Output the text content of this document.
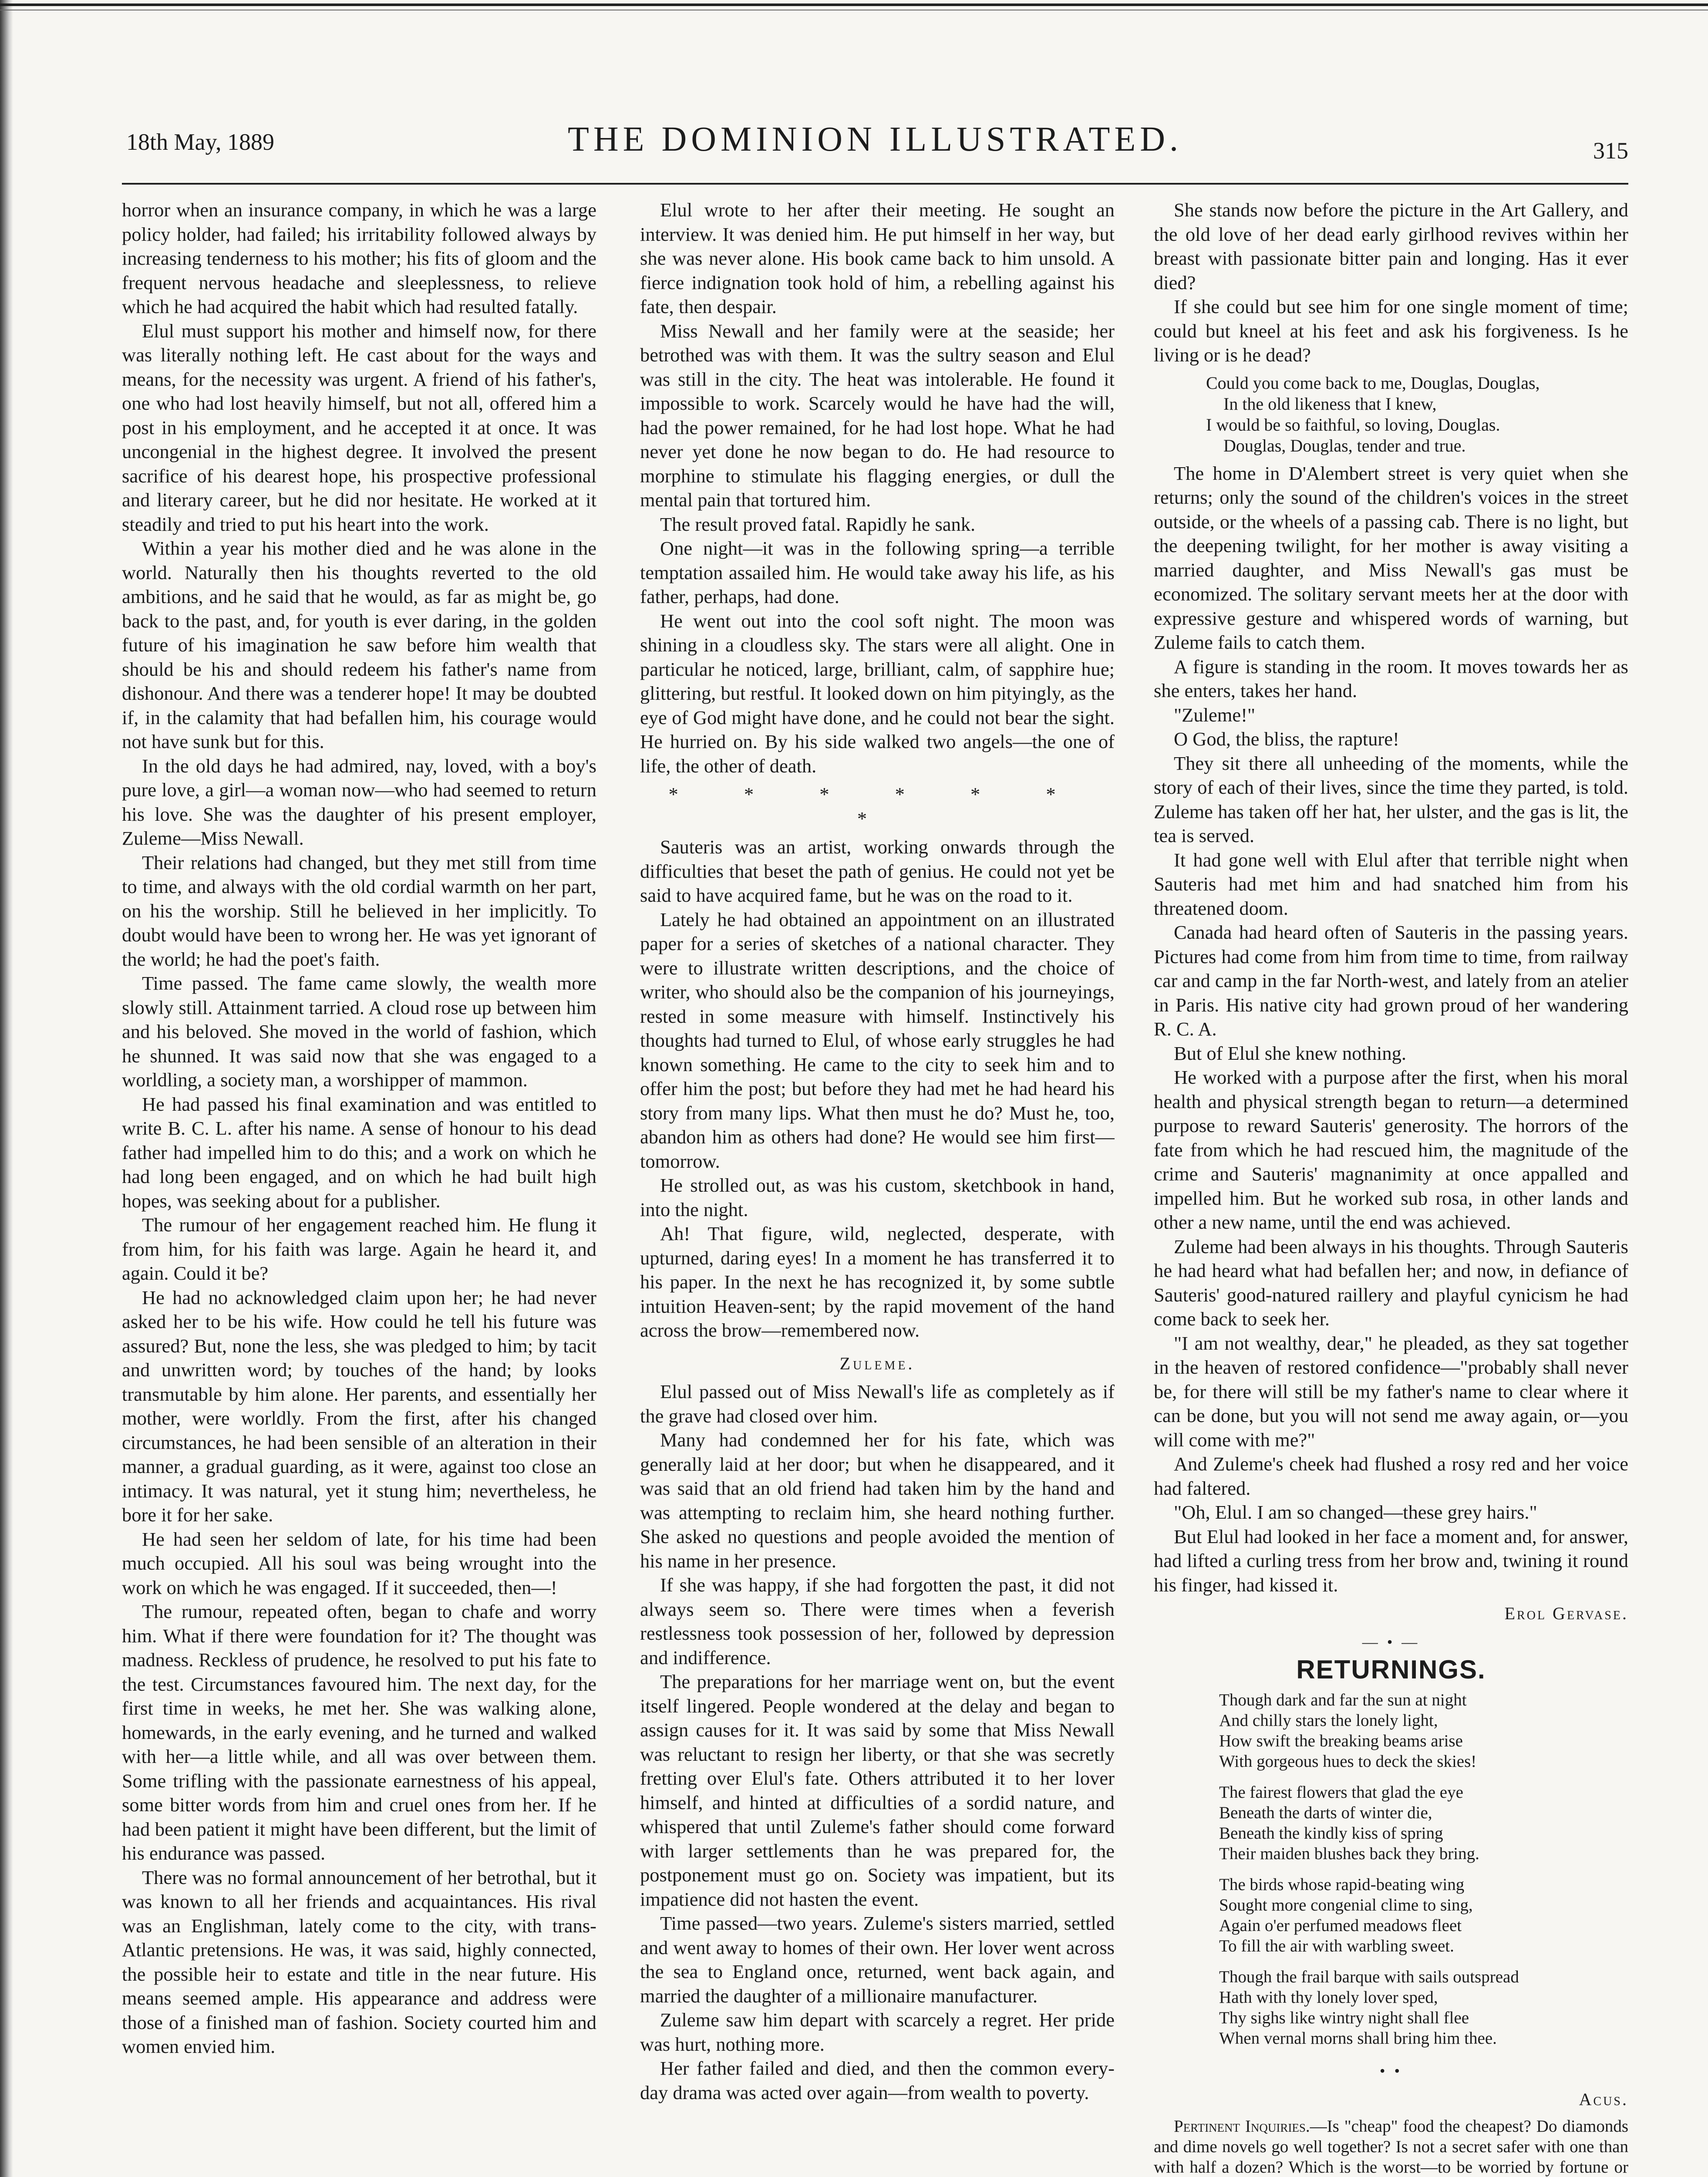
18th May, 1889	THE DOMINION ILLUSTRATED.	315

horror when an insurance company, in which he was a large policy holder, had failed; his irritability followed always by increasing tenderness to his mother; his fits of gloom and the frequent nervous headache and sleeplessness, to relieve which he had acquired the habit which had resulted fatally.

Elul must support his mother and himself now, for there was literally nothing left. He cast about for the ways and means, for the necessity was urgent. A friend of his father's, one who had lost heavily himself, but not all, offered him a post in his employment, and he accepted it at once. It was uncongenial in the highest degree. It involved the present sacrifice of his dearest hope, his prospective professional and literary career, but he did nor hesitate. He worked at it steadily and tried to put his heart into the work.

Within a year his mother died and he was alone in the world. Naturally then his thoughts reverted to the old ambitions, and he said that he would, as far as might be, go back to the past, and, for youth is ever daring, in the golden future of his imagination he saw before him wealth that should be his and should redeem his father's name from dishonour. And there was a tenderer hope! It may be doubted if, in the calamity that had befallen him, his courage would not have sunk but for this.

In the old days he had admired, nay, loved, with a boy's pure love, a girl—a woman now—who had seemed to return his love. She was the daughter of his present employer, Zuleme—Miss Newall.

Their relations had changed, but they met still from time to time, and always with the old cordial warmth on her part, on his the worship. Still he believed in her implicitly. To doubt would have been to wrong her. He was yet ignorant of the world; he had the poet's faith.

Time passed. The fame came slowly, the wealth more slowly still. Attainment tarried. A cloud rose up between him and his beloved. She moved in the world of fashion, which he shunned. It was said now that she was engaged to a worldling, a society man, a worshipper of mammon.

He had passed his final examination and was entitled to write B. C. L. after his name. A sense of honour to his dead father had impelled him to do this; and a work on which he had long been engaged, and on which he had built high hopes, was seeking about for a publisher.

The rumour of her engagement reached him. He flung it from him, for his faith was large. Again he heard it, and again. Could it be?

He had no acknowledged claim upon her; he had never asked her to be his wife. How could he tell his future was assured? But, none the less, she was pledged to him; by tacit and unwritten word; by touches of the hand; by looks transmutable by him alone. Her parents, and essentially her mother, were worldly. From the first, after his changed circumstances, he had been sensible of an alteration in their manner, a gradual guarding, as it were, against too close an intimacy. It was natural, yet it stung him; nevertheless, he bore it for her sake.

He had seen her seldom of late, for his time had been much occupied. All his soul was being wrought into the work on which he was engaged. If it succeeded, then—!

The rumour, repeated often, began to chafe and worry him. What if there were foundation for it? The thought was madness. Reckless of prudence, he resolved to put his fate to the test. Circumstances favoured him. The next day, for the first time in weeks, he met her. She was walking alone, homewards, in the early evening, and he turned and walked with her—a little while, and all was over between them. Some trifling with the passionate earnestness of his appeal, some bitter words from him and cruel ones from her. If he had been patient it might have been different, but the limit of his endurance was passed.

There was no formal announcement of her betrothal, but it was known to all her friends and acquaintances. His rival was an Englishman, lately come to the city, with trans-Atlantic pretensions. He was, it was said, highly connected, the possible heir to estate and title in the near future. His means seemed ample. His appearance and address were those of a finished man of fashion. Society courted him and women envied him.

Elul wrote to her after their meeting. He sought an interview. It was denied him. He put himself in her way, but she was never alone. His book came back to him unsold. A fierce indignation took hold of him, a rebelling against his fate, then despair.

Miss Newall and her family were at the seaside; her betrothed was with them. It was the sultry season and Elul was still in the city. The heat was intolerable. He found it impossible to work. Scarcely would he have had the will, had the power remained, for he had lost hope. What he had never yet done he now began to do. He had resource to morphine to stimulate his flagging energies, or dull the mental pain that tortured him.

The result proved fatal. Rapidly he sank.

One night—it was in the following spring—a terrible temptation assailed him. He would take away his life, as his father, perhaps, had done.

He went out into the cool soft night. The moon was shining in a cloudless sky. The stars were all alight. One in particular he noticed, large, brilliant, calm, of sapphire hue; glittering, but restful. It looked down on him pityingly, as the eye of God might have done, and he could not bear the sight. He hurried on. By his side walked two angels—the one of life, the other of death.

* * * * * * *

Sauteris was an artist, working onwards through the difficulties that beset the path of genius. He could not yet be said to have acquired fame, but he was on the road to it.

Lately he had obtained an appointment on an illustrated paper for a series of sketches of a national character. They were to illustrate written descriptions, and the choice of writer, who should also be the companion of his journeyings, rested in some measure with himself. Instinctively his thoughts had turned to Elul, of whose early struggles he had known something. He came to the city to seek him and to offer him the post; but before they had met he had heard his story from many lips. What then must he do? Must he, too, abandon him as others had done? He would see him first—tomorrow.

He strolled out, as was his custom, sketchbook in hand, into the night.

Ah! That figure, wild, neglected, desperate, with upturned, daring eyes! In a moment he has transferred it to his paper. In the next he has recognized it, by some subtle intuition Heaven-sent; by the rapid movement of the hand across the brow—remembered now.

Zuleme.

Elul passed out of Miss Newall's life as completely as if the grave had closed over him.

Many had condemned her for his fate, which was generally laid at her door; but when he disappeared, and it was said that an old friend had taken him by the hand and was attempting to reclaim him, she heard nothing further. She asked no questions and people avoided the mention of his name in her presence.

If she was happy, if she had forgotten the past, it did not always seem so. There were times when a feverish restlessness took possession of her, followed by depression and indifference.

The preparations for her marriage went on, but the event itself lingered. People wondered at the delay and began to assign causes for it. It was said by some that Miss Newall was reluctant to resign her liberty, or that she was secretly fretting over Elul's fate. Others attributed it to her lover himself, and hinted at difficulties of a sordid nature, and whispered that until Zuleme's father should come forward with larger settlements than he was prepared for, the postponement must go on. Society was impatient, but its impatience did not hasten the event.

Time passed—two years. Zuleme's sisters married, settled and went away to homes of their own. Her lover went across the sea to England once, returned, went back again, and married the daughter of a millionaire manufacturer.

Zuleme saw him depart with scarcely a regret. Her pride was hurt, nothing more.

Her father failed and died, and then the common every-day drama was acted over again—from wealth to poverty.

She stands now before the picture in the Art Gallery, and the old love of her dead early girlhood revives within her breast with passionate bitter pain and longing. Has it ever died?

If she could but see him for one single moment of time; could but kneel at his feet and ask his forgiveness. Is he living or is he dead?

Could you come back to me, Douglas, Douglas,
In the old likeness that I knew,
I would be so faithful, so loving, Douglas.
Douglas, Douglas, tender and true.

The home in D'Alembert street is very quiet when she returns; only the sound of the children's voices in the street outside, or the wheels of a passing cab. There is no light, but the deepening twilight, for her mother is away visiting a married daughter, and Miss Newall's gas must be economized. The solitary servant meets her at the door with expressive gesture and whispered words of warning, but Zuleme fails to catch them.

A figure is standing in the room. It moves towards her as she enters, takes her hand.

"Zuleme!"

O God, the bliss, the rapture!

They sit there all unheeding of the moments, while the story of each of their lives, since the time they parted, is told. Zuleme has taken off her hat, her ulster, and the gas is lit, the tea is served.

It had gone well with Elul after that terrible night when Sauteris had met him and had snatched him from his threatened doom.

Canada had heard often of Sauteris in the passing years. Pictures had come from him from time to time, from railway car and camp in the far North-west, and lately from an atelier in Paris. His native city had grown proud of her wandering R. C. A.

But of Elul she knew nothing.

He worked with a purpose after the first, when his moral health and physical strength began to return—a determined purpose to reward Sauteris' generosity. The horrors of the fate from which he had rescued him, the magnitude of the crime and Sauteris' magnanimity at once appalled and impelled him. But he worked sub rosa, in other lands and other a new name, until the end was achieved.

Zuleme had been always in his thoughts. Through Sauteris he had heard what had befallen her; and now, in defiance of Sauteris' good-natured raillery and playful cynicism he had come back to seek her.

"I am not wealthy, dear," he pleaded, as they sat together in the heaven of restored confidence—"probably shall never be, for there will still be my father's name to clear where it can be done, but you will not send me away again, or—you will come with me?"

And Zuleme's cheek had flushed a rosy red and her voice had faltered.

"Oh, Elul. I am so changed—these grey hairs."

But Elul had looked in her face a moment and, for answer, had lifted a curling tress from her brow and, twining it round his finger, had kissed it.

Erol Gervase.

— • —
RETURNINGS.
Though dark and far the sun at night
And chilly stars the lonely light,
How swift the breaking beams arise
With gorgeous hues to deck the skies!
The fairest flowers that glad the eye
Beneath the darts of winter die,
Beneath the kindly kiss of spring
Their maiden blushes back they bring.
The birds whose rapid-beating wing
Sought more congenial clime to sing,
Again o'er perfumed meadows fleet
To fill the air with warbling sweet.
Though the frail barque with sails outspread
Hath with thy lonely lover sped,
Thy sighs like wintry night shall flee
When vernal morns shall bring him thee.
• •

Acus.

Pertinent Inquiries.—Is "cheap" food the cheapest? Do diamonds and dime novels go well together? Is not a secret safer with one than with half a dozen? Which is the worst—to be worried by fortune or
